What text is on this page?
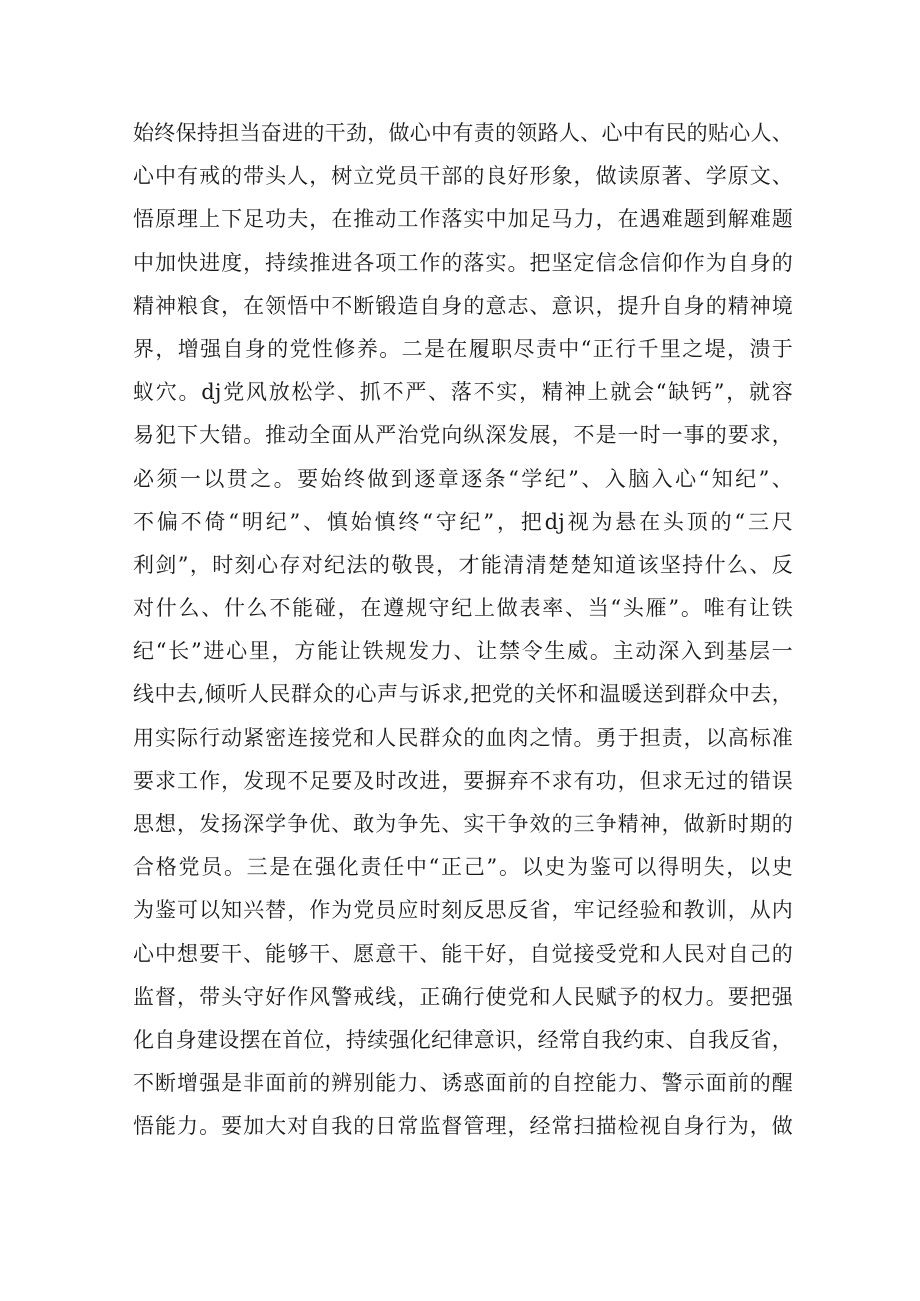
始终保持担当奋进的干劲，做心中有责的领路人、心中有民的贴心人、
心中有戒的带头人，树立党员干部的良好形象，做读原著、学原文、
悟原理上下足功夫，在推动工作落实中加足马力，在遇难题到解难题
中加快进度，持续推进各项工作的落实。把坚定信念信仰作为自身的
精神粮食，在领悟中不断锻造自身的意志、意识，提升自身的精神境
界，增强自身的党性修养。二是在履职尽责中“正行千里之堤，溃于
蚁穴。dj党风放松学、抓不严、落不实，精神上就会“缺钙”，就容
易犯下大错。推动全面从严治党向纵深发展，不是一时一事的要求，
必须一以贯之。要始终做到逐章逐条“学纪”、入脑入心“知纪”、
不偏不倚“明纪”、慎始慎终“守纪”，把dj视为悬在头顶的“三尺
利剑”，时刻心存对纪法的敬畏，才能清清楚楚知道该坚持什么、反
对什么、什么不能碰，在遵规守纪上做表率、当“头雁”。唯有让铁
纪“长”进心里，方能让铁规发力、让禁令生威。主动深入到基层一
线中去,倾听人民群众的心声与诉求,把党的关怀和温暖送到群众中去，
用实际行动紧密连接党和人民群众的血肉之情。勇于担责，以高标准
要求工作，发现不足要及时改进，要摒弃不求有功，但求无过的错误
思想，发扬深学争优、敢为争先、实干争效的三争精神，做新时期的
合格党员。三是在强化责任中“正己”。以史为鉴可以得明失，以史
为鉴可以知兴替，作为党员应时刻反思反省，牢记经验和教训，从内
心中想要干、能够干、愿意干、能干好，自觉接受党和人民对自己的
监督，带头守好作风警戒线，正确行使党和人民赋予的权力。要把强
化自身建设摆在首位，持续强化纪律意识，经常自我约束、自我反省，
不断增强是非面前的辨别能力、诱惑面前的自控能力、警示面前的醒
悟能力。要加大对自我的日常监督管理，经常扫描检视自身行为，做
